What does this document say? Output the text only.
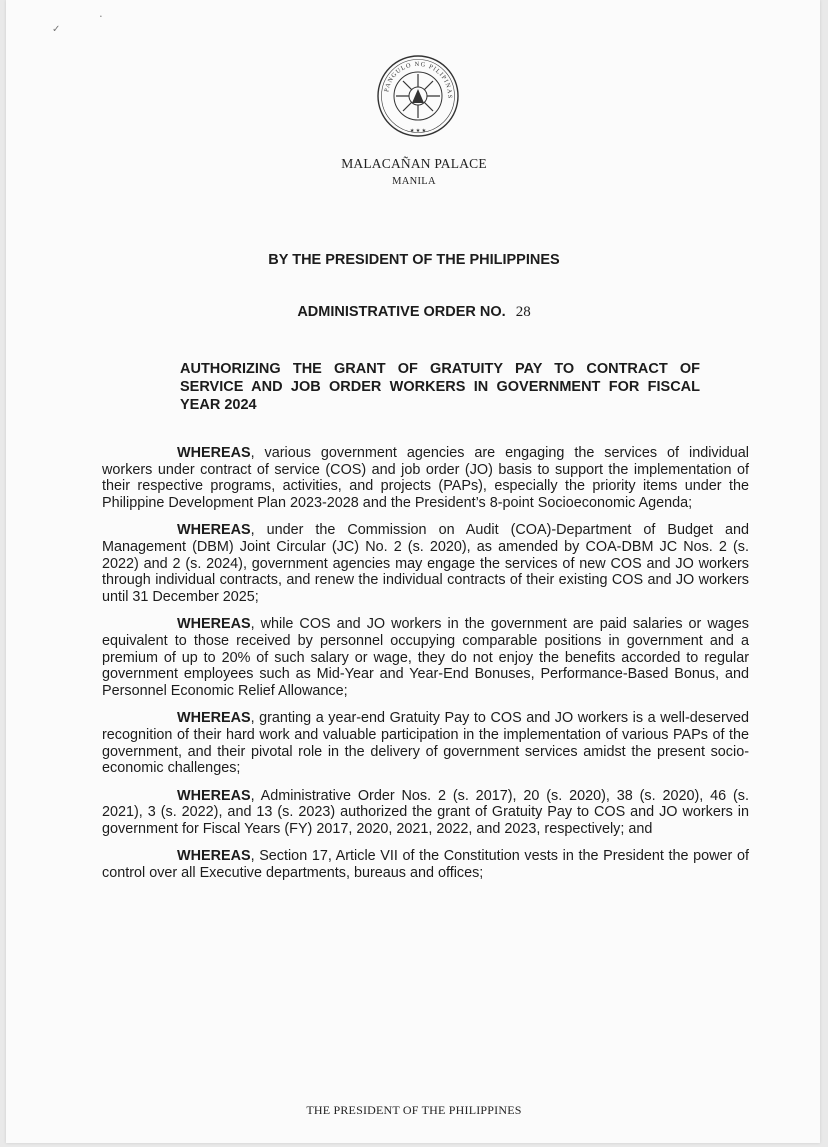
✓
•
PANGULO NG PILIPINAS
★ ★ ★
MALACAÑAN PALACE
MANILA
BY THE PRESIDENT OF THE PHILIPPINES
ADMINISTRATIVE ORDER NO. 28
AUTHORIZING THE GRANT OF GRATUITY PAY TO CONTRACT OF SERVICE AND JOB ORDER WORKERS IN GOVERNMENT FOR FISCAL YEAR 2024

WHEREAS, various government agencies are engaging the services of individual workers under contract of service (COS) and job order (JO) basis to support the implementation of their respective programs, activities, and projects (PAPs), especially the priority items under the Philippine Development Plan 2023-2028 and the President’s 8-point Socioeconomic Agenda;

WHEREAS, under the Commission on Audit (COA)-Department of Budget and Management (DBM) Joint Circular (JC) No. 2 (s. 2020), as amended by COA-DBM JC Nos. 2 (s. 2022) and 2 (s. 2024), government agencies may engage the services of new COS and JO workers through individual contracts, and renew the individual contracts of their existing COS and JO workers until 31 December 2025;

WHEREAS, while COS and JO workers in the government are paid salaries or wages equivalent to those received by personnel occupying comparable positions in government and a premium of up to 20% of such salary or wage, they do not enjoy the benefits accorded to regular government employees such as Mid-Year and Year-End Bonuses, Performance-Based Bonus, and Personnel Economic Relief Allowance;

WHEREAS, granting a year-end Gratuity Pay to COS and JO workers is a well-deserved recognition of their hard work and valuable participation in the implementation of various PAPs of the government, and their pivotal role in the delivery of government services amidst the present socio-economic challenges;

WHEREAS, Administrative Order Nos. 2 (s. 2017), 20 (s. 2020), 38 (s. 2020), 46 (s. 2021), 3 (s. 2022), and 13 (s. 2023) authorized the grant of Gratuity Pay to COS and JO workers in government for Fiscal Years (FY) 2017, 2020, 2021, 2022, and 2023, respectively; and

WHEREAS, Section 17, Article VII of the Constitution vests in the President the power of control over all Executive departments, bureaus and offices;

THE PRESIDENT OF THE PHILIPPINES
